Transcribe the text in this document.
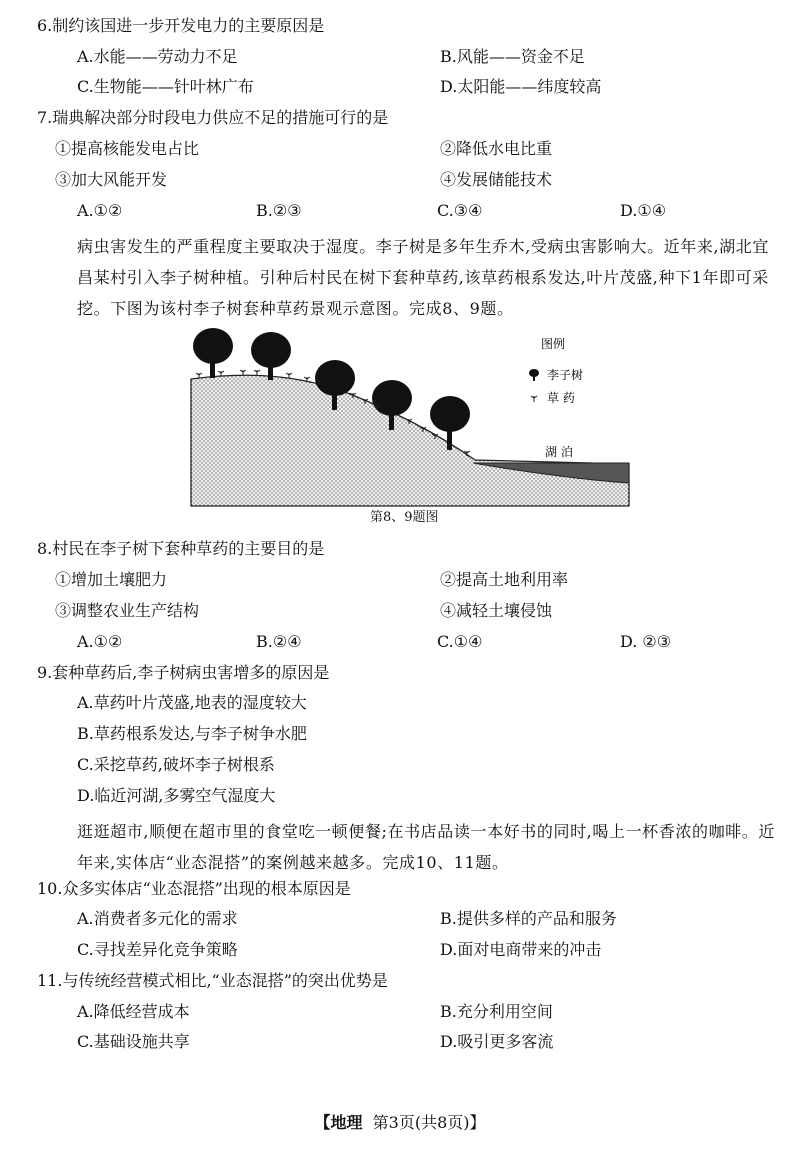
6.制约该国进一步开发电力的主要原因是
A.水能——劳动力不足	B.风能——资金不足
C.生物能——针叶林广布	D.太阳能——纬度较高
7.瑞典解决部分时段电力供应不足的措施可行的是
①提高核能发电占比	②降低水电比重
③加大风能开发	④发展储能技术
A.①②	B.②③	C.③④	D.①④
病虫害发生的严重程度主要取决于湿度。李子树是多年生乔木,受病虫害影响大。近年来,湖北宜昌某村引入李子树种植。引种后村民在树下套种草药,该草药根系发达,叶片茂盛,种下1年即可采挖。下图为该村李子树套种草药景观示意图。完成8、9题。
图例
李子树
草 药
湖 泊
第8、9题图
8.村民在李子树下套种草药的主要目的是
①增加土壤肥力	②提高土地利用率
③调整农业生产结构	④减轻土壤侵蚀
A.①②	B.②④	C.①④	D. ②③
9.套种草药后,李子树病虫害增多的原因是
A.草药叶片茂盛,地表的湿度较大
B.草药根系发达,与李子树争水肥
C.采挖草药,破坏李子树根系
D.临近河湖,多雾空气湿度大
逛逛超市,顺便在超市里的食堂吃一顿便餐;在书店品读一本好书的同时,喝上一杯香浓的咖啡。近年来,实体店“业态混搭”的案例越来越多。完成10、11题。
10.众多实体店“业态混搭”出现的根本原因是
A.消费者多元化的需求	B.提供多样的产品和服务
C.寻找差异化竞争策略	D.面对电商带来的冲击
11.与传统经营模式相比,“业态混搭”的突出优势是
A.降低经营成本	B.充分利用空间
C.基础设施共享	D.吸引更多客流
【地理 第3页(共8页)】
